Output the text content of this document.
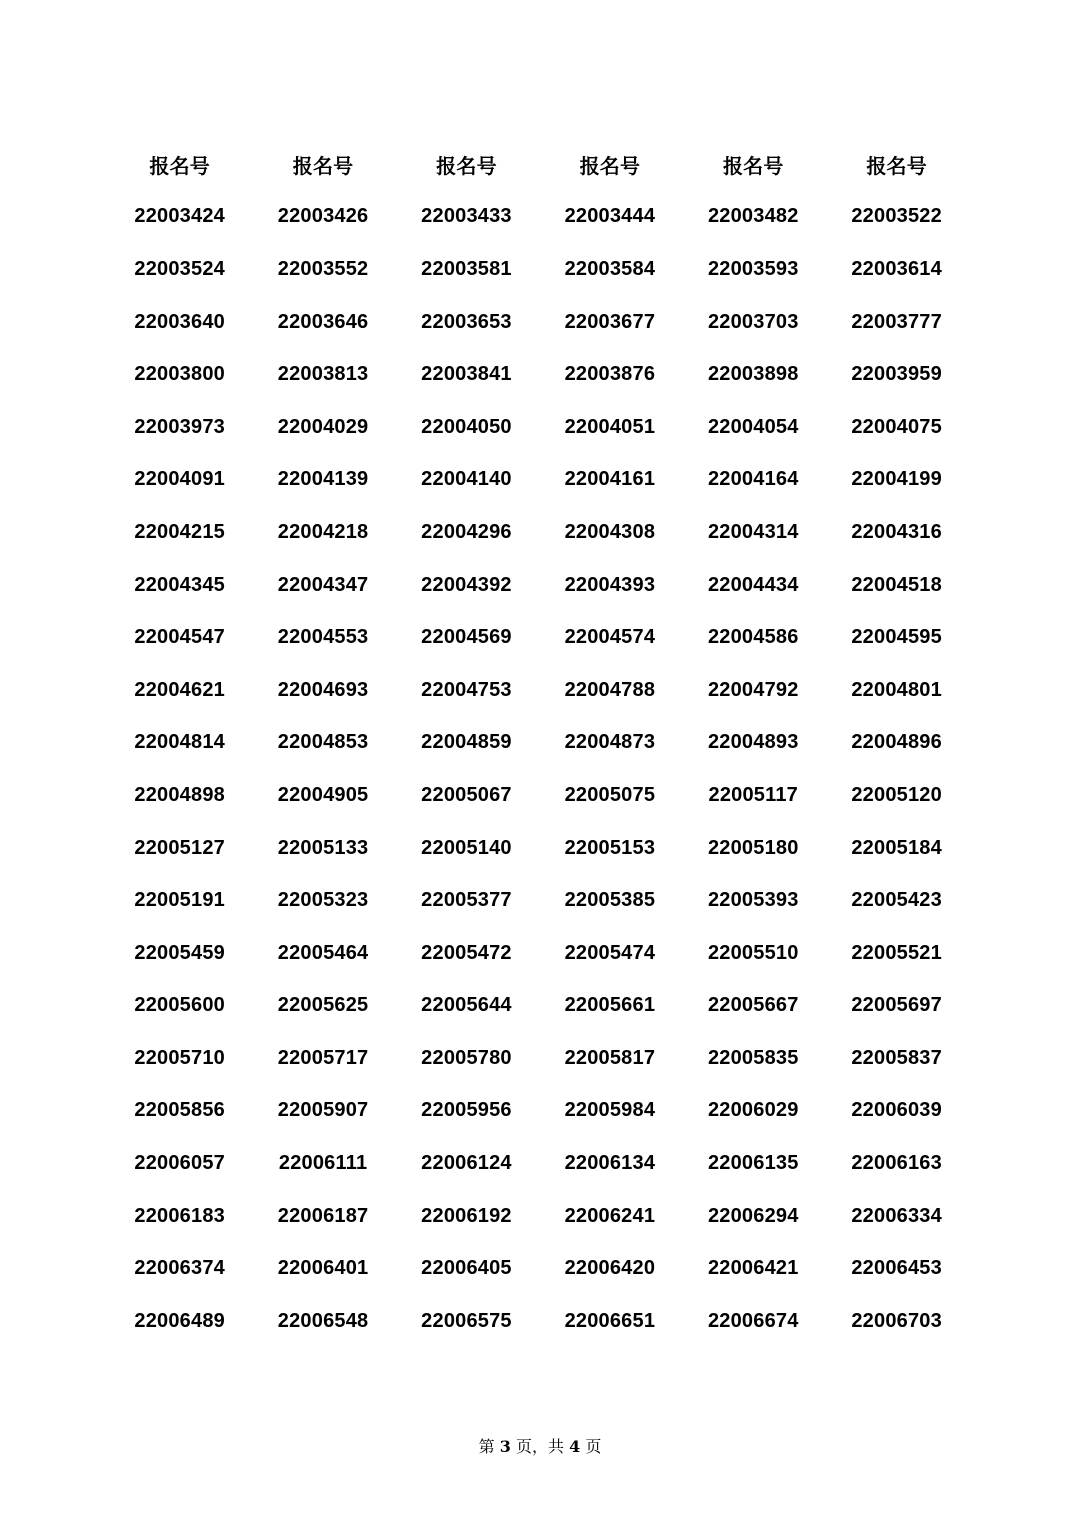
报名号	报名号	报名号	报名号	报名号	报名号
22003424	22003426	22003433	22003444	22003482	22003522
22003524	22003552	22003581	22003584	22003593	22003614
22003640	22003646	22003653	22003677	22003703	22003777
22003800	22003813	22003841	22003876	22003898	22003959
22003973	22004029	22004050	22004051	22004054	22004075
22004091	22004139	22004140	22004161	22004164	22004199
22004215	22004218	22004296	22004308	22004314	22004316
22004345	22004347	22004392	22004393	22004434	22004518
22004547	22004553	22004569	22004574	22004586	22004595
22004621	22004693	22004753	22004788	22004792	22004801
22004814	22004853	22004859	22004873	22004893	22004896
22004898	22004905	22005067	22005075	22005117	22005120
22005127	22005133	22005140	22005153	22005180	22005184
22005191	22005323	22005377	22005385	22005393	22005423
22005459	22005464	22005472	22005474	22005510	22005521
22005600	22005625	22005644	22005661	22005667	22005697
22005710	22005717	22005780	22005817	22005835	22005837
22005856	22005907	22005956	22005984	22006029	22006039
22006057	22006111	22006124	22006134	22006135	22006163
22006183	22006187	22006192	22006241	22006294	22006334
22006374	22006401	22006405	22006420	22006421	22006453
22006489	22006548	22006575	22006651	22006674	22006703
第 3 页，共 4 页
